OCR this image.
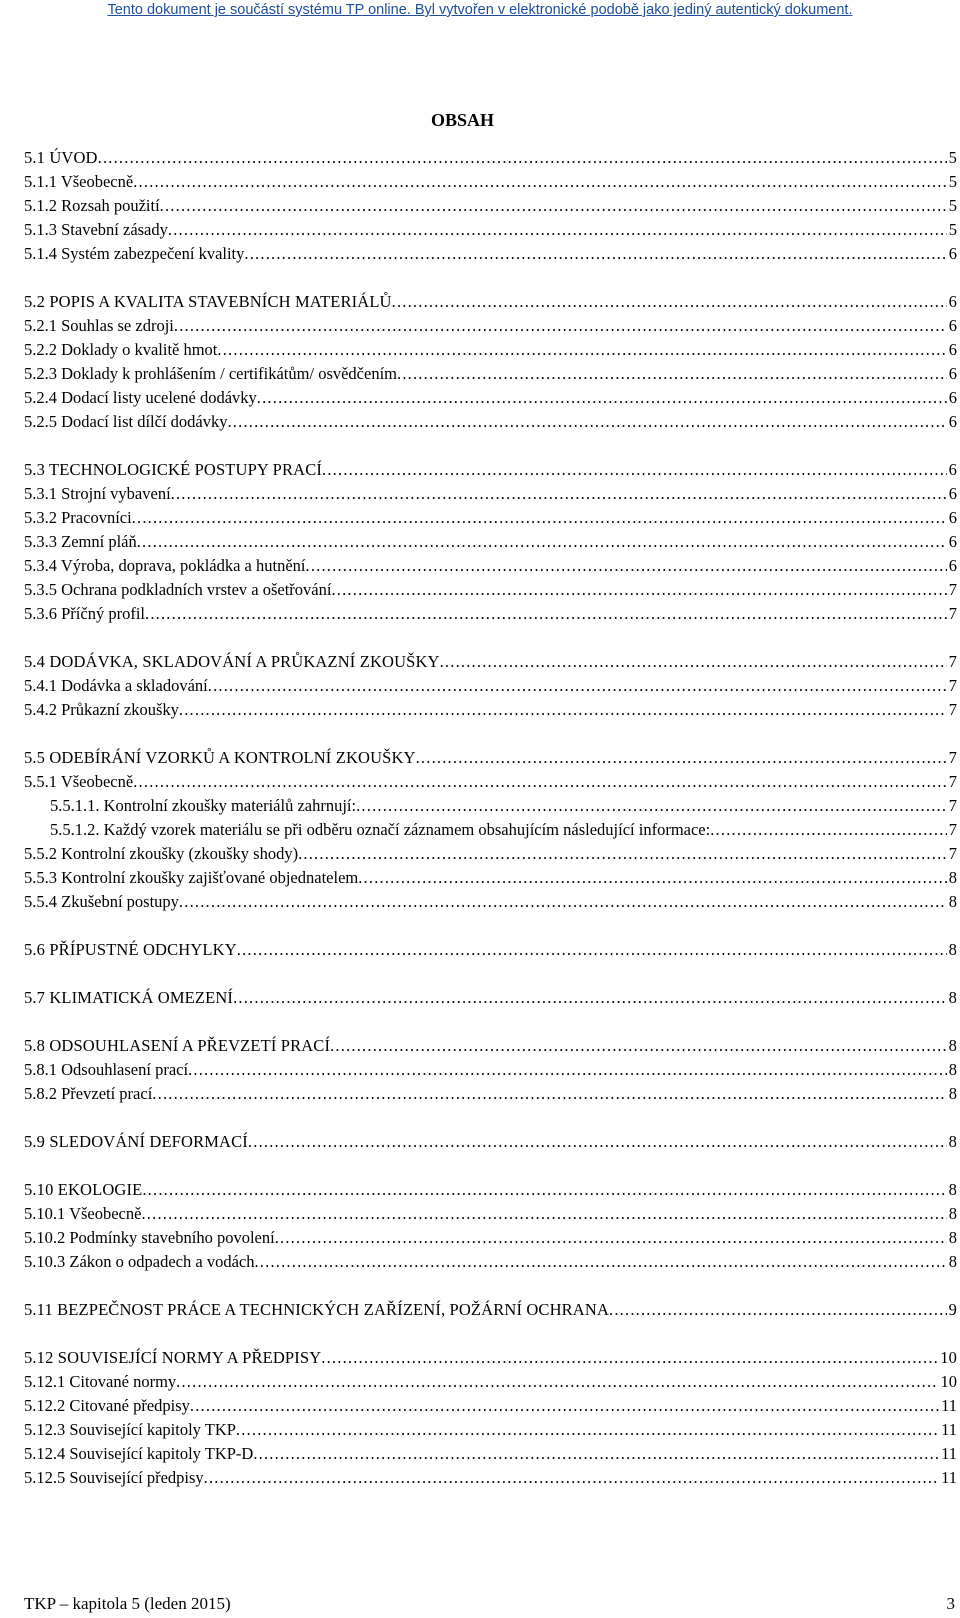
Tento dokument je součástí systému TP online. Byl vytvořen v elektronické podobě jako jediný autentický dokument.
OBSAH
5.1 ÚVOD .....	5
5.1.1 Všeobecně .....	5
5.1.2 Rozsah použití .....	5
5.1.3 Stavební zásady .....	5
5.1.4 Systém zabezpečení kvality .....	6
5.2 POPIS A KVALITA STAVEBNÍCH MATERIÁLŮ .....	6
5.2.1 Souhlas se zdroji .....	6
5.2.2 Doklady o kvalitě hmot .....	6
5.2.3 Doklady k prohlášením / certifikátům/ osvědčením .....	6
5.2.4 Dodací listy ucelené dodávky .....	6
5.2.5 Dodací list dílčí dodávky .....	6
5.3 TECHNOLOGICKÉ POSTUPY PRACÍ .....	6
5.3.1 Strojní vybavení .....	6
5.3.2 Pracovníci .....	6
5.3.3 Zemní pláň .....	6
5.3.4 Výroba, doprava, pokládka a hutnění .....	6
5.3.5 Ochrana podkladních vrstev a ošetřování .....	7
5.3.6 Příčný profil .....	7
5.4 DODÁVKA, SKLADOVÁNÍ A PRŮKAZNÍ ZKOUŠKY .....	7
5.4.1 Dodávka a skladování .....	7
5.4.2 Průkazní zkoušky .....	7
5.5 ODEBÍRÁNÍ VZORKŮ A KONTROLNÍ ZKOUŠKY .....	7
5.5.1 Všeobecně .....	7
5.5.1.1. Kontrolní zkoušky materiálů zahrnují: .....	7
5.5.1.2. Každý vzorek materiálu se při odběru označí záznamem obsahujícím následující informace: .....	7
5.5.2 Kontrolní zkoušky (zkoušky shody) .....	7
5.5.3 Kontrolní zkoušky zajišťované objednatelem .....	8
5.5.4 Zkušební postupy .....	8
5.6 PŘÍPUSTNÉ ODCHYLKY .....	8
5.7 KLIMATICKÁ OMEZENÍ .....	8
5.8 ODSOUHLASENÍ A PŘEVZETÍ PRACÍ .....	8
5.8.1 Odsouhlasení prací .....	8
5.8.2 Převzetí prací .....	8
5.9 SLEDOVÁNÍ DEFORMACÍ .....	8
5.10 EKOLOGIE .....	8
5.10.1 Všeobecně .....	8
5.10.2 Podmínky stavebního povolení .....	8
5.10.3 Zákon o odpadech a vodách .....	8
5.11 BEZPEČNOST PRÁCE A TECHNICKÝCH ZAŘÍZENÍ, POŽÁRNÍ OCHRANA .....	9
5.12 SOUVISEJÍCÍ NORMY A PŘEDPISY .....	10
5.12.1 Citované normy .....	10
5.12.2 Citované předpisy .....	11
5.12.3 Související kapitoly TKP .....	11
5.12.4 Související kapitoly TKP-D .....	11
5.12.5 Související předpisy .....	11
TKP – kapitola 5 (leden 2015)	3
